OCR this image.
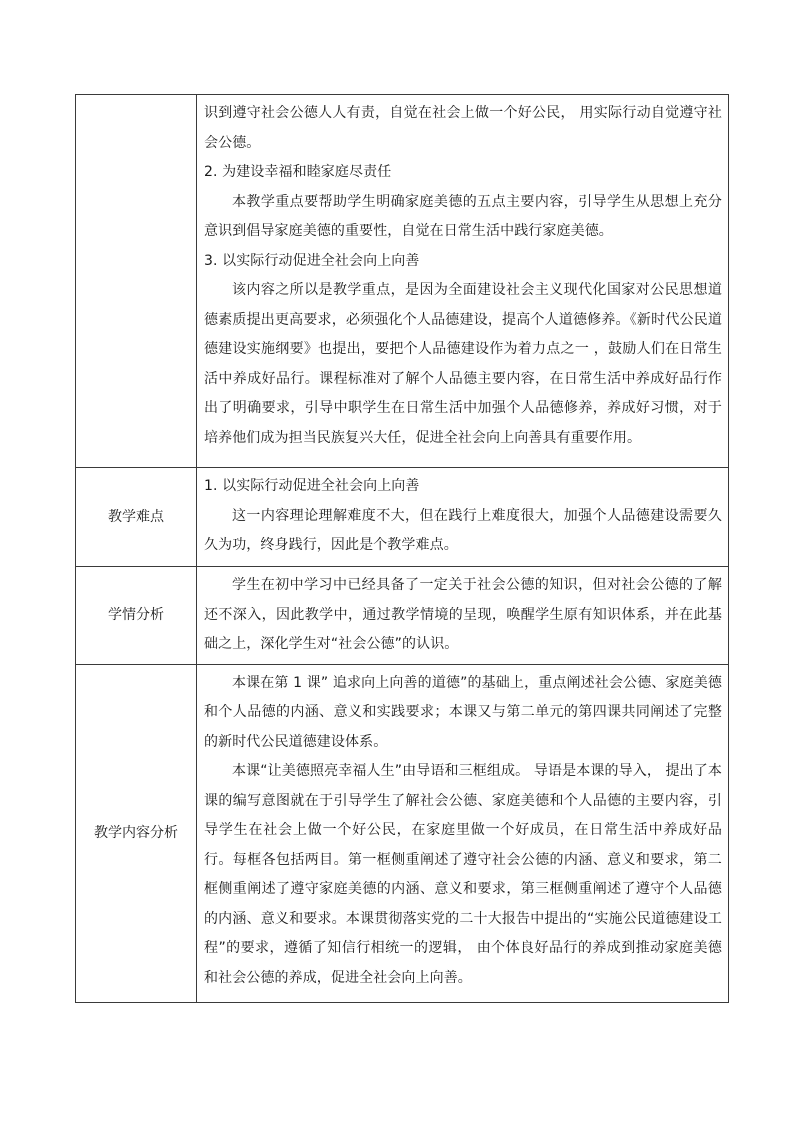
	识到遵守社会公德人人有责，自觉在社会上做一个好公民， 用实际行动自觉遵守社会公德。

2. 为建设幸福和睦家庭尽责任

本教学重点要帮助学生明确家庭美德的五点主要内容，引导学生从思想上充分意识到倡导家庭美德的重要性，自觉在日常生活中践行家庭美德。

3. 以实际行动促进全社会向上向善

该内容之所以是教学重点，是因为全面建设社会主义现代化国家对公民思想道德素质提出更高要求，必须强化个人品德建设，提高个人道德修养。《新时代公民道德建设实施纲要》也提出，要把个人品德建设作为着力点之一 ，鼓励人们在日常生活中养成好品行。课程标准对了解个人品德主要内容，在日常生活中养成好品行作出了明确要求，引导中职学生在日常生活中加强个人品德修养，养成好习惯，对于培养他们成为担当民族复兴大任，促进全社会向上向善具有重要作用。

教学难点	1. 以实际行动促进全社会向上向善

这一内容理论理解难度不大，但在践行上难度很大，加强个人品德建设需要久久为功，终身践行，因此是个教学难点。

学情分析	学生在初中学习中已经具备了一定关于社会公德的知识，但对社会公德的了解还不深入，因此教学中，通过教学情境的呈现，唤醒学生原有知识体系，并在此基础之上，深化学生对“社会公德”的认识。

教学内容分析	本课在第 1 课” 追求向上向善的道德”的基础上，重点阐述社会公德、家庭美德和个人品德的内涵、意义和实践要求；本课又与第二单元的第四课共同阐述了完整的新时代公民道德建设体系。

本课“让美德照亮幸福人生”由导语和三框组成。 导语是本课的导入， 提出了本课的编写意图就在于引导学生了解社会公德、家庭美德和个人品德的主要内容，引导学生在社会上做一个好公民，在家庭里做一个好成员，在日常生活中养成好品行。每框各包括两目。第一框侧重阐述了遵守社会公德的内涵、意义和要求，第二框侧重阐述了遵守家庭美德的内涵、意义和要求，第三框侧重阐述了遵守个人品德的内涵、意义和要求。本课贯彻落实党的二十大报告中提出的“实施公民道德建设工程”的要求，遵循了知信行相统一的逻辑， 由个体良好品行的养成到推动家庭美德和社会公德的养成，促进全社会向上向善。
